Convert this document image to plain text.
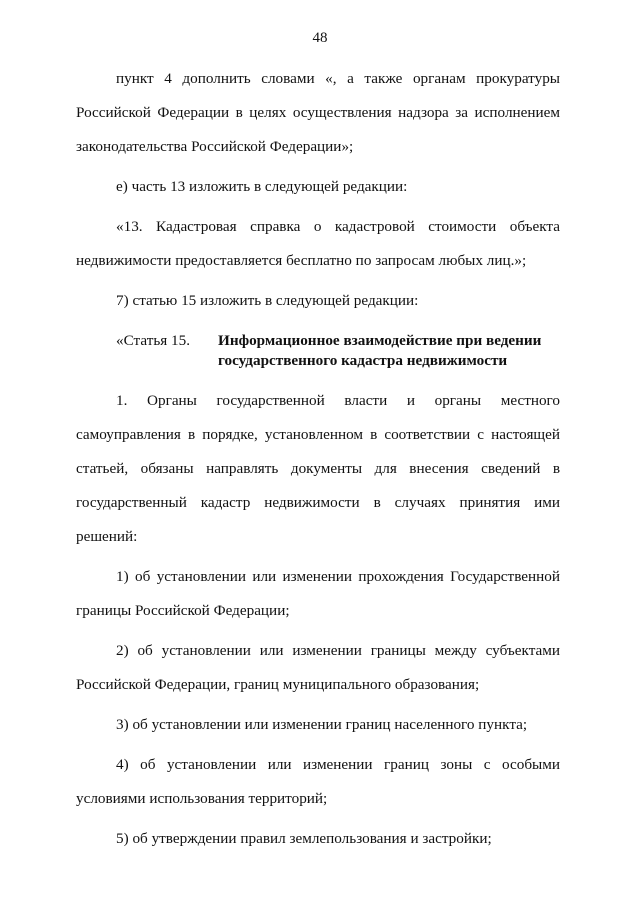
48

пункт 4 дополнить словами «, а также органам прокуратуры Российской Федерации в целях осуществления надзора за исполнением законодательства Российской Федерации»;

е) часть 13 изложить в следующей редакции:

«13. Кадастровая справка о кадастровой стоимости объекта недвижимости предоставляется бесплатно по запросам любых лиц.»;

7) статью 15 изложить в следующей редакции:

«Статья 15.	Информационное взаимодействие при ведении государственного кадастра недвижимости

1. Органы государственной власти и органы местного самоуправления в порядке, установленном в соответствии с настоящей статьей, обязаны направлять документы для внесения сведений в государственный кадастр недвижимости в случаях принятия ими решений:

1) об установлении или изменении прохождения Государственной границы Российской Федерации;

2) об установлении или изменении границы между субъектами Российской Федерации, границ муниципального образования;

3) об установлении или изменении границ населенного пункта;

4) об установлении или изменении границ зоны с особыми условиями использования территорий;

5) об утверждении правил землепользования и застройки;
